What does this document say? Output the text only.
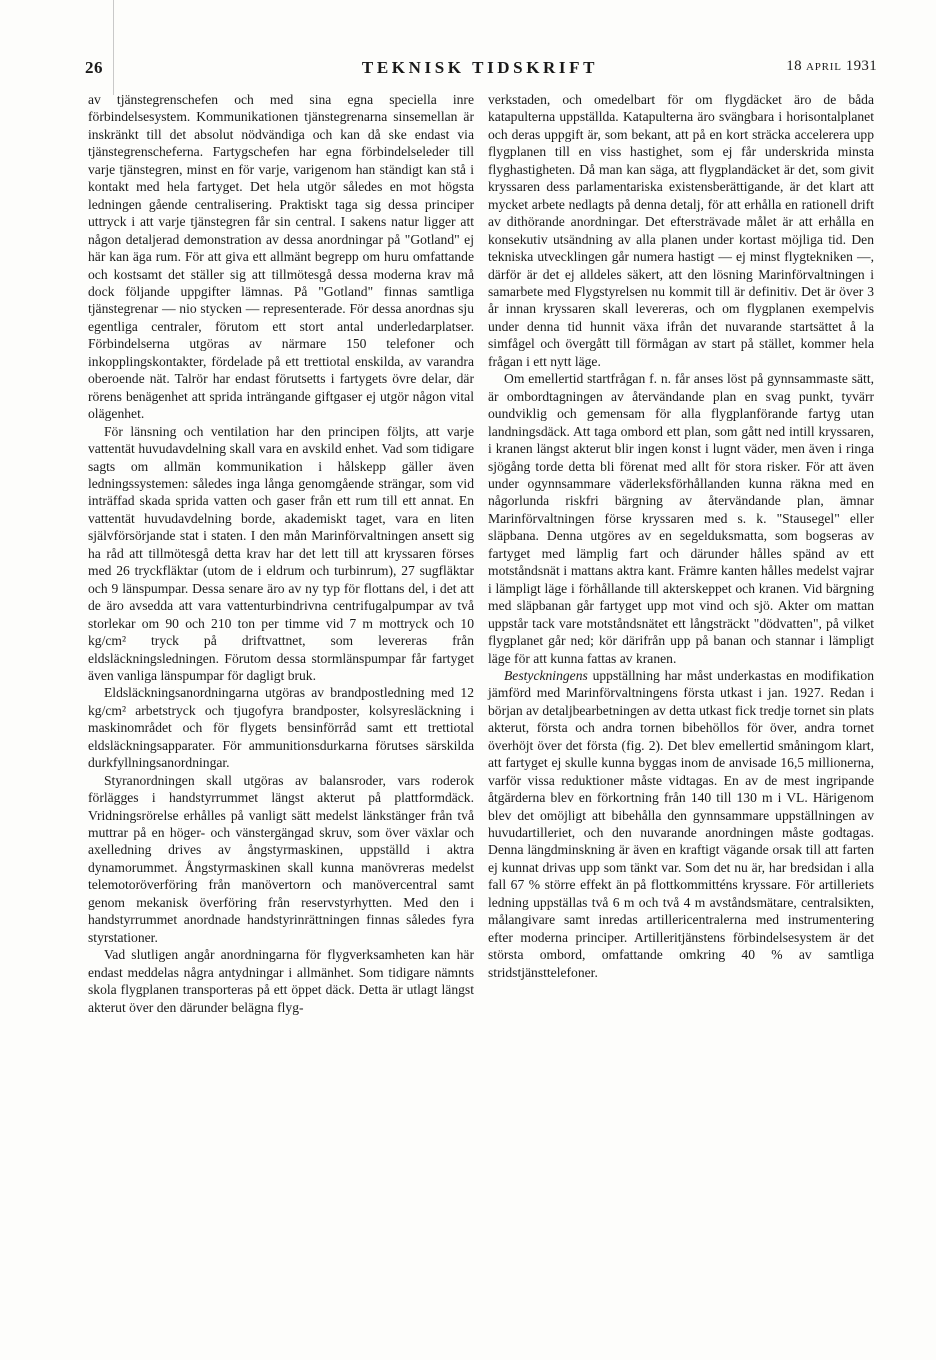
26	TEKNISK TIDSKRIFT	18 APRIL 1931

av tjänstegrenschefen och med sina egna speciella inre förbindelsesystem. Kommunikationen tjänstegrenarna sinsemellan är inskränkt till det absolut nödvändiga och kan då ske endast via tjänstegrenscheferna. Fartygschefen har egna förbindelseleder till varje tjänstegren, minst en för varje, varigenom han ständigt kan stå i kontakt med hela fartyget. Det hela utgör således en mot högsta ledningen gående centralisering. Praktiskt taga sig dessa principer uttryck i att varje tjänstegren får sin central. I sakens natur ligger att någon detaljerad demonstration av dessa anordningar på "Gotland" ej här kan äga rum. För att giva ett allmänt begrepp om huru omfattande och kostsamt det ställer sig att tillmötesgå dessa moderna krav må dock följande uppgifter lämnas. På "Gotland" finnas samtliga tjänstegrenar — nio stycken — representerade. För dessa anordnas sju egentliga centraler, förutom ett stort antal underledarplatser. Förbindelserna utgöras av närmare 150 telefoner och inkopplingskontakter, fördelade på ett trettiotal enskilda, av varandra oberoende nät. Talrör har endast förutsetts i fartygets övre delar, där rörens benägenhet att sprida inträngande giftgaser ej utgör någon vital olägenhet.

För länsning och ventilation har den principen följts, att varje vattentät huvudavdelning skall vara en avskild enhet. Vad som tidigare sagts om allmän kommunikation i hålskepp gäller även ledningssystemen: således inga långa genomgående strängar, som vid inträffad skada sprida vatten och gaser från ett rum till ett annat. En vattentät huvudavdelning borde, akademiskt taget, vara en liten självförsörjande stat i staten. I den mån Marinförvaltningen ansett sig ha råd att tillmötesgå detta krav har det lett till att kryssaren förses med 26 tryckfläktar (utom de i eldrum och turbinrum), 27 sugfläktar och 9 länspumpar. Dessa senare äro av ny typ för flottans del, i det att de äro avsedda att vara vattenturbindrivna centrifugalpumpar av två storlekar om 90 och 210 ton per timme vid 7 m mottryck och 10 kg/cm² tryck på driftvattnet, som levereras från eldsläckningsledningen. Förutom dessa stormlänspumpar får fartyget även vanliga länspumpar för dagligt bruk.

Eldsläckningsanordningarna utgöras av brandpostledning med 12 kg/cm² arbetstryck och tjugofyra brandposter, kolsyresläckning i maskinområdet och för flygets bensinförråd samt ett trettiotal eldsläckningsapparater. För ammunitionsdurkarna förutses särskilda durkfyllningsanordningar.

Styranordningen skall utgöras av balansroder, vars roderok förlägges i handstyrrummet längst akterut på plattformdäck. Vridningsrörelse erhålles på vanligt sätt medelst länkstänger från två muttrar på en höger- och vänstergängad skruv, som över växlar och axelledning drives av ångstyrmaskinen, uppställd i aktra dynamorummet. Ångstyrmaskinen skall kunna manövreras medelst telemotoröverföring från manövertorn och manövercentral samt genom mekanisk överföring från reservstyrhytten. Med den i handstyrrummet anordnade handstyrinrättningen finnas således fyra styrstationer.

Vad slutligen angår anordningarna för flygverksamheten kan här endast meddelas några antydningar i allmänhet. Som tidigare nämnts skola flygplanen transporteras på ett öppet däck. Detta är utlagt längst akterut över den därunder belägna flyg-

verkstaden, och omedelbart för om flygdäcket äro de båda katapulterna uppställda. Katapulterna äro svängbara i horisontalplanet och deras uppgift är, som bekant, att på en kort sträcka accelerera upp flygplanen till en viss hastighet, som ej får underskrida minsta flyghastigheten. Då man kan säga, att flygplandäcket är det, som givit kryssaren dess parlamentariska existensberättigande, är det klart att mycket arbete nedlagts på denna detalj, för att erhålla en rationell drift av dithörande anordningar. Det eftersträvade målet är att erhålla en konsekutiv utsändning av alla planen under kortast möjliga tid. Den tekniska utvecklingen går numera hastigt — ej minst flygtekniken —, därför är det ej alldeles säkert, att den lösning Marinförvaltningen i samarbete med Flygstyrelsen nu kommit till är definitiv. Det är över 3 år innan kryssaren skall levereras, och om flygplanen exempelvis under denna tid hunnit växa ifrån det nuvarande startsättet å la simfågel och övergått till förmågan av start på stället, kommer hela frågan i ett nytt läge.

Om emellertid startfrågan f. n. får anses löst på gynnsammaste sätt, är ombordtagningen av återvändande plan en svag punkt, tyvärr oundviklig och gemensam för alla flygplanförande fartyg utan landningsdäck. Att taga ombord ett plan, som gått ned intill kryssaren, i kranen längst akterut blir ingen konst i lugnt väder, men även i ringa sjögång torde detta bli förenat med allt för stora risker. För att även under ogynnsammare väderleksförhållanden kunna räkna med en någorlunda riskfri bärgning av återvändande plan, ämnar Marinförvaltningen förse kryssaren med s. k. "Stausegel" eller släpbana. Denna utgöres av en segelduksmatta, som bogseras av fartyget med lämplig fart och därunder hålles spänd av ett motståndsnät i mattans aktra kant. Främre kanten hålles medelst vajrar i lämpligt läge i förhållande till akterskeppet och kranen. Vid bärgning med släpbanan går fartyget upp mot vind och sjö. Akter om mattan uppstår tack vare motståndsnätet ett långsträckt "dödvatten", på vilket flygplanet går ned; kör därifrån upp på banan och stannar i lämpligt läge för att kunna fattas av kranen.

Bestyckningens uppställning har måst underkastas en modifikation jämförd med Marinförvaltningens första utkast i jan. 1927. Redan i början av detaljbearbetningen av detta utkast fick tredje tornet sin plats akterut, första och andra tornen bibehöllos för över, andra tornet överhöjt över det första (fig. 2). Det blev emellertid småningom klart, att fartyget ej skulle kunna byggas inom de anvisade 16,5 millionerna, varför vissa reduktioner måste vidtagas. En av de mest ingripande åtgärderna blev en förkortning från 140 till 130 m i VL. Härigenom blev det omöjligt att bibehålla den gynnsammare uppställningen av huvudartilleriet, och den nuvarande anordningen måste godtagas. Denna längdminskning är även en kraftigt vägande orsak till att farten ej kunnat drivas upp som tänkt var. Som det nu är, har bredsidan i alla fall 67 % större effekt än på flottkommitténs kryssare. För artilleriets ledning uppställas två 6 m och två 4 m avståndsmätare, centralsikten, målangivare samt inredas artillericentralerna med instrumentering efter moderna principer. Artilleritjänstens förbindelsesystem är det största ombord, omfattande omkring 40 % av samtliga stridstjänsttelefoner.
